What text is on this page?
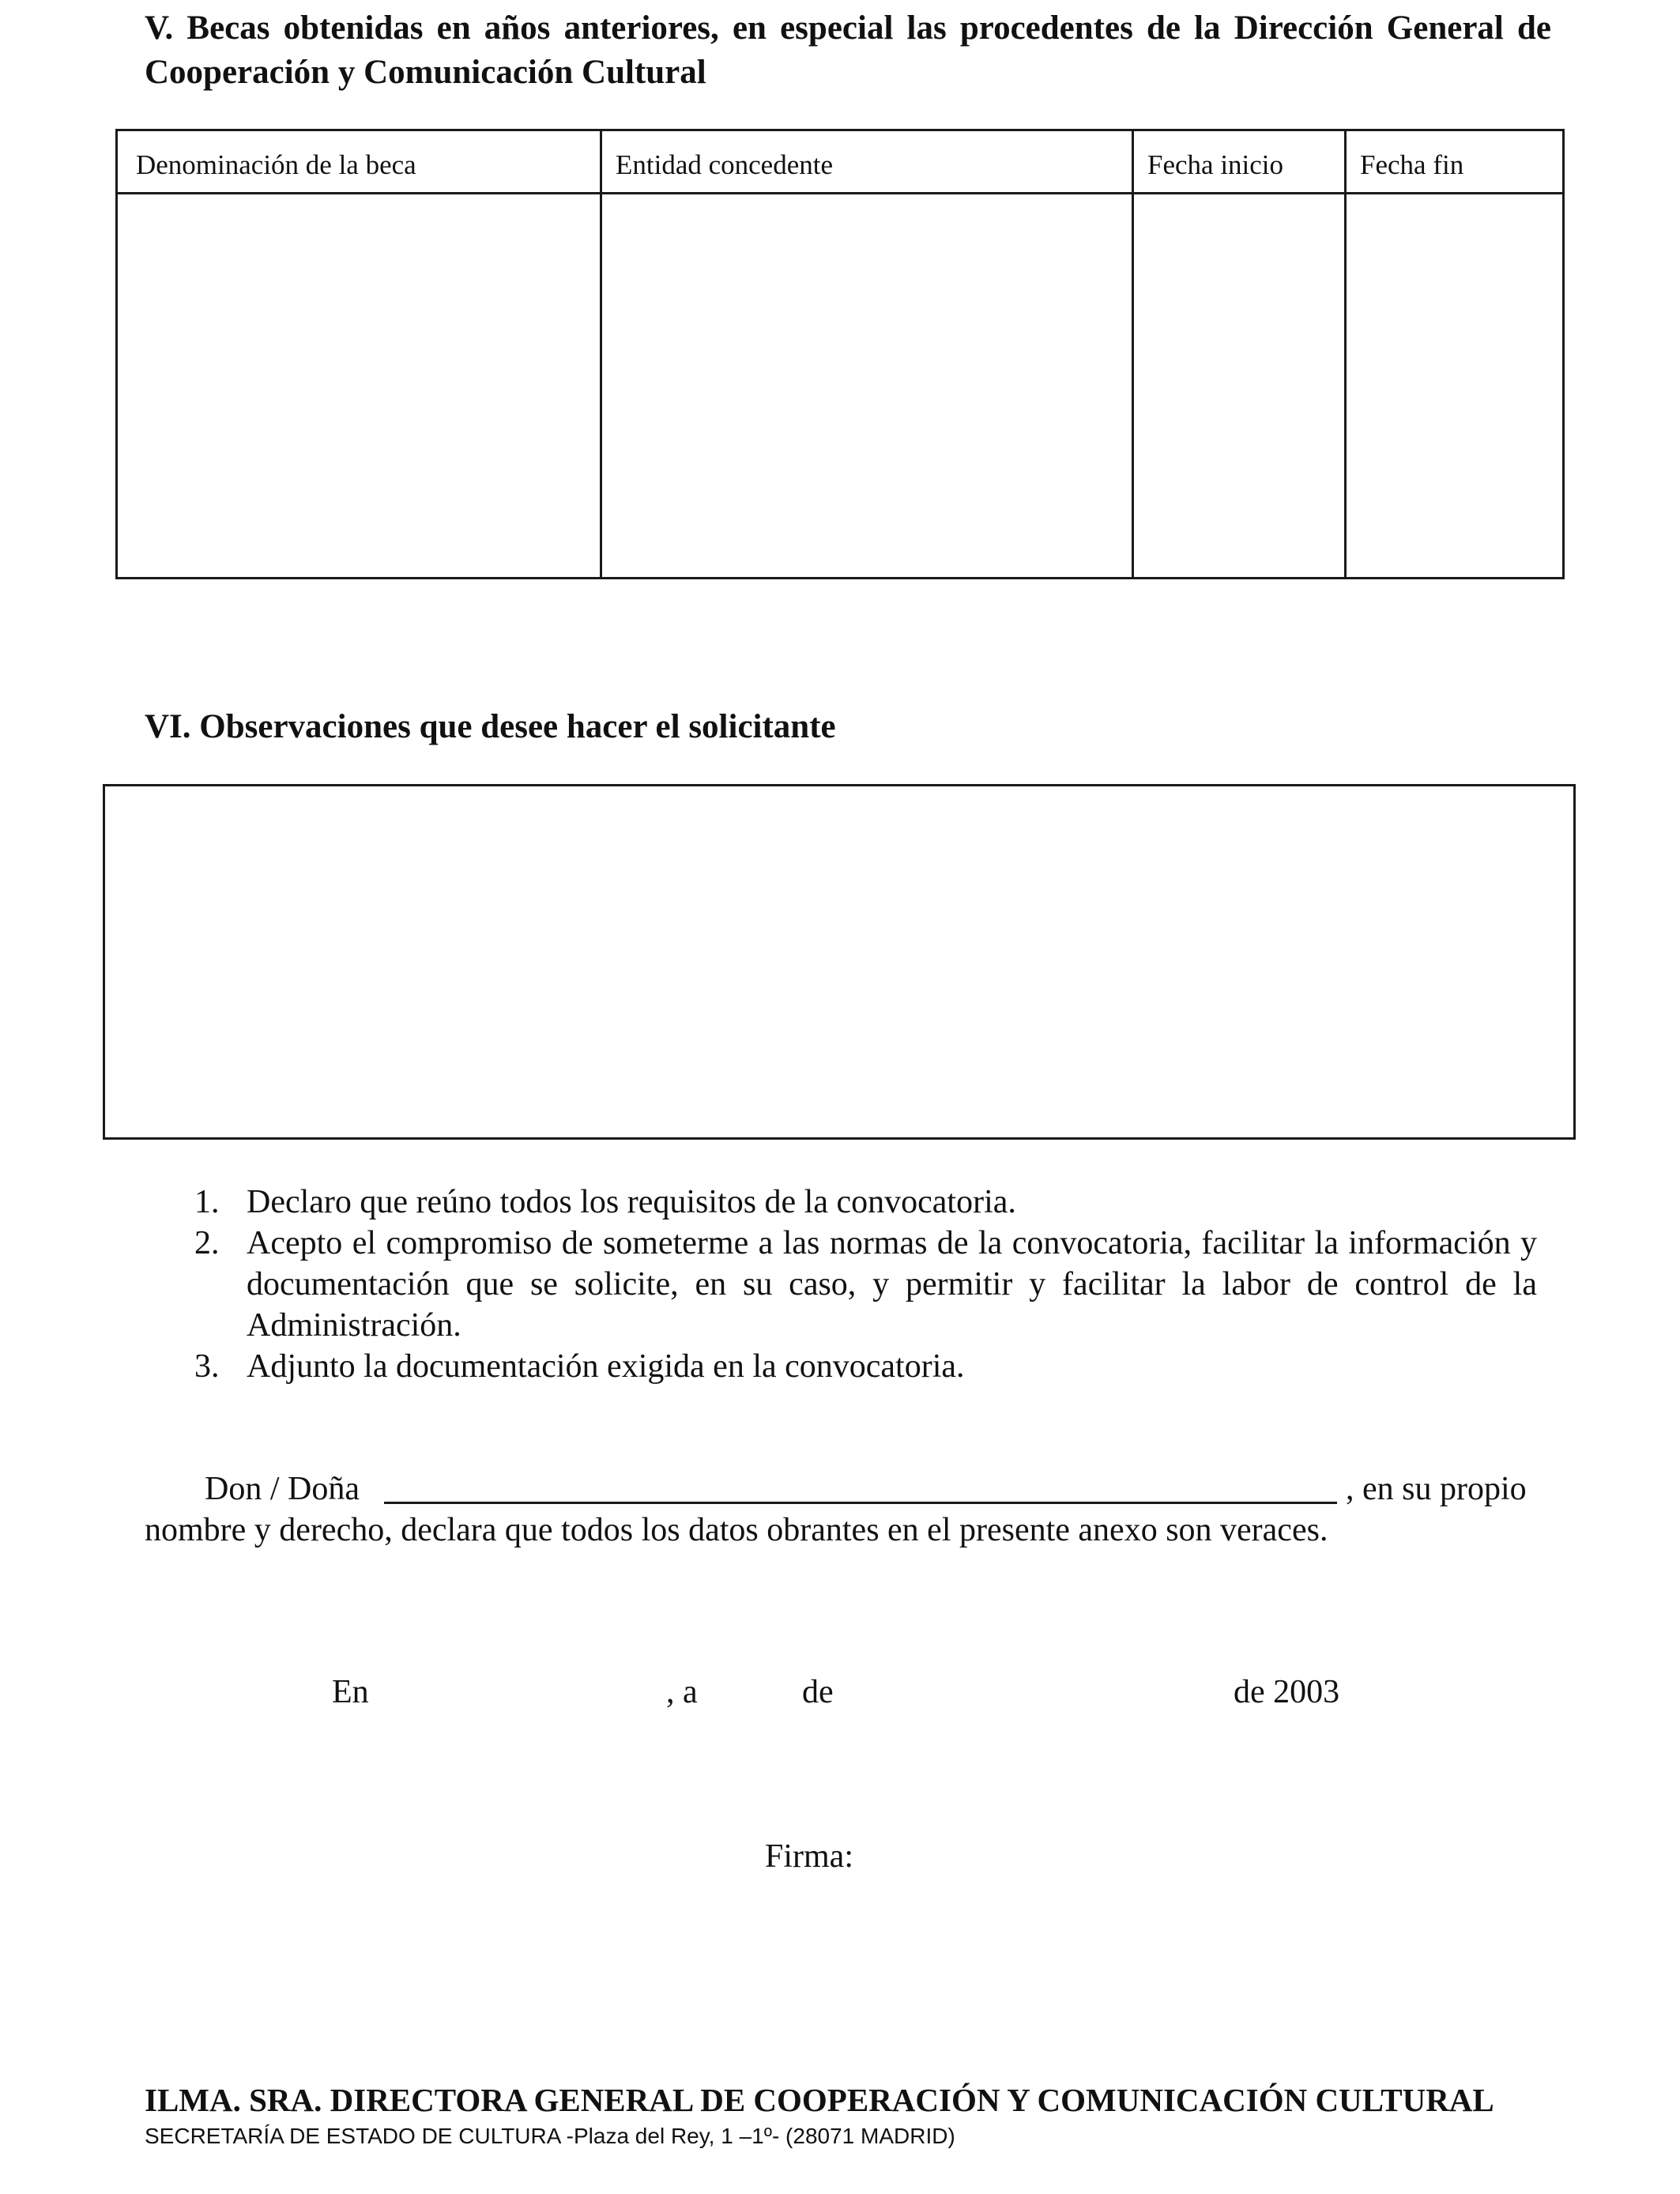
V. Becas obtenidas en años anteriores, en especial las procedentes de la Dirección General de Cooperación y Comunicación Cultural
Denominación de la beca	Entidad concedente	Fecha inicio	Fecha fin
VI. Observaciones que desee hacer el solicitante
1. Declaro que reúno todos los requisitos de la convocatoria.
2. Acepto el compromiso de someterme a las normas de la convocatoria, facilitar la información y documentación que se solicite, en su caso, y permitir y facilitar la labor de control de la Administración.
3. Adjunto la documentación exigida en la convocatoria.
Don / Doña	, en su propio
nombre y derecho, declara que todos los datos obrantes en el presente anexo son veraces.
En	, a	de	de 2003
Firma:
ILMA. SRA. DIRECTORA GENERAL DE COOPERACIÓN Y COMUNICACIÓN CULTURAL
SECRETARÍA DE ESTADO DE CULTURA -Plaza del Rey, 1 –1º- (28071 MADRID)
